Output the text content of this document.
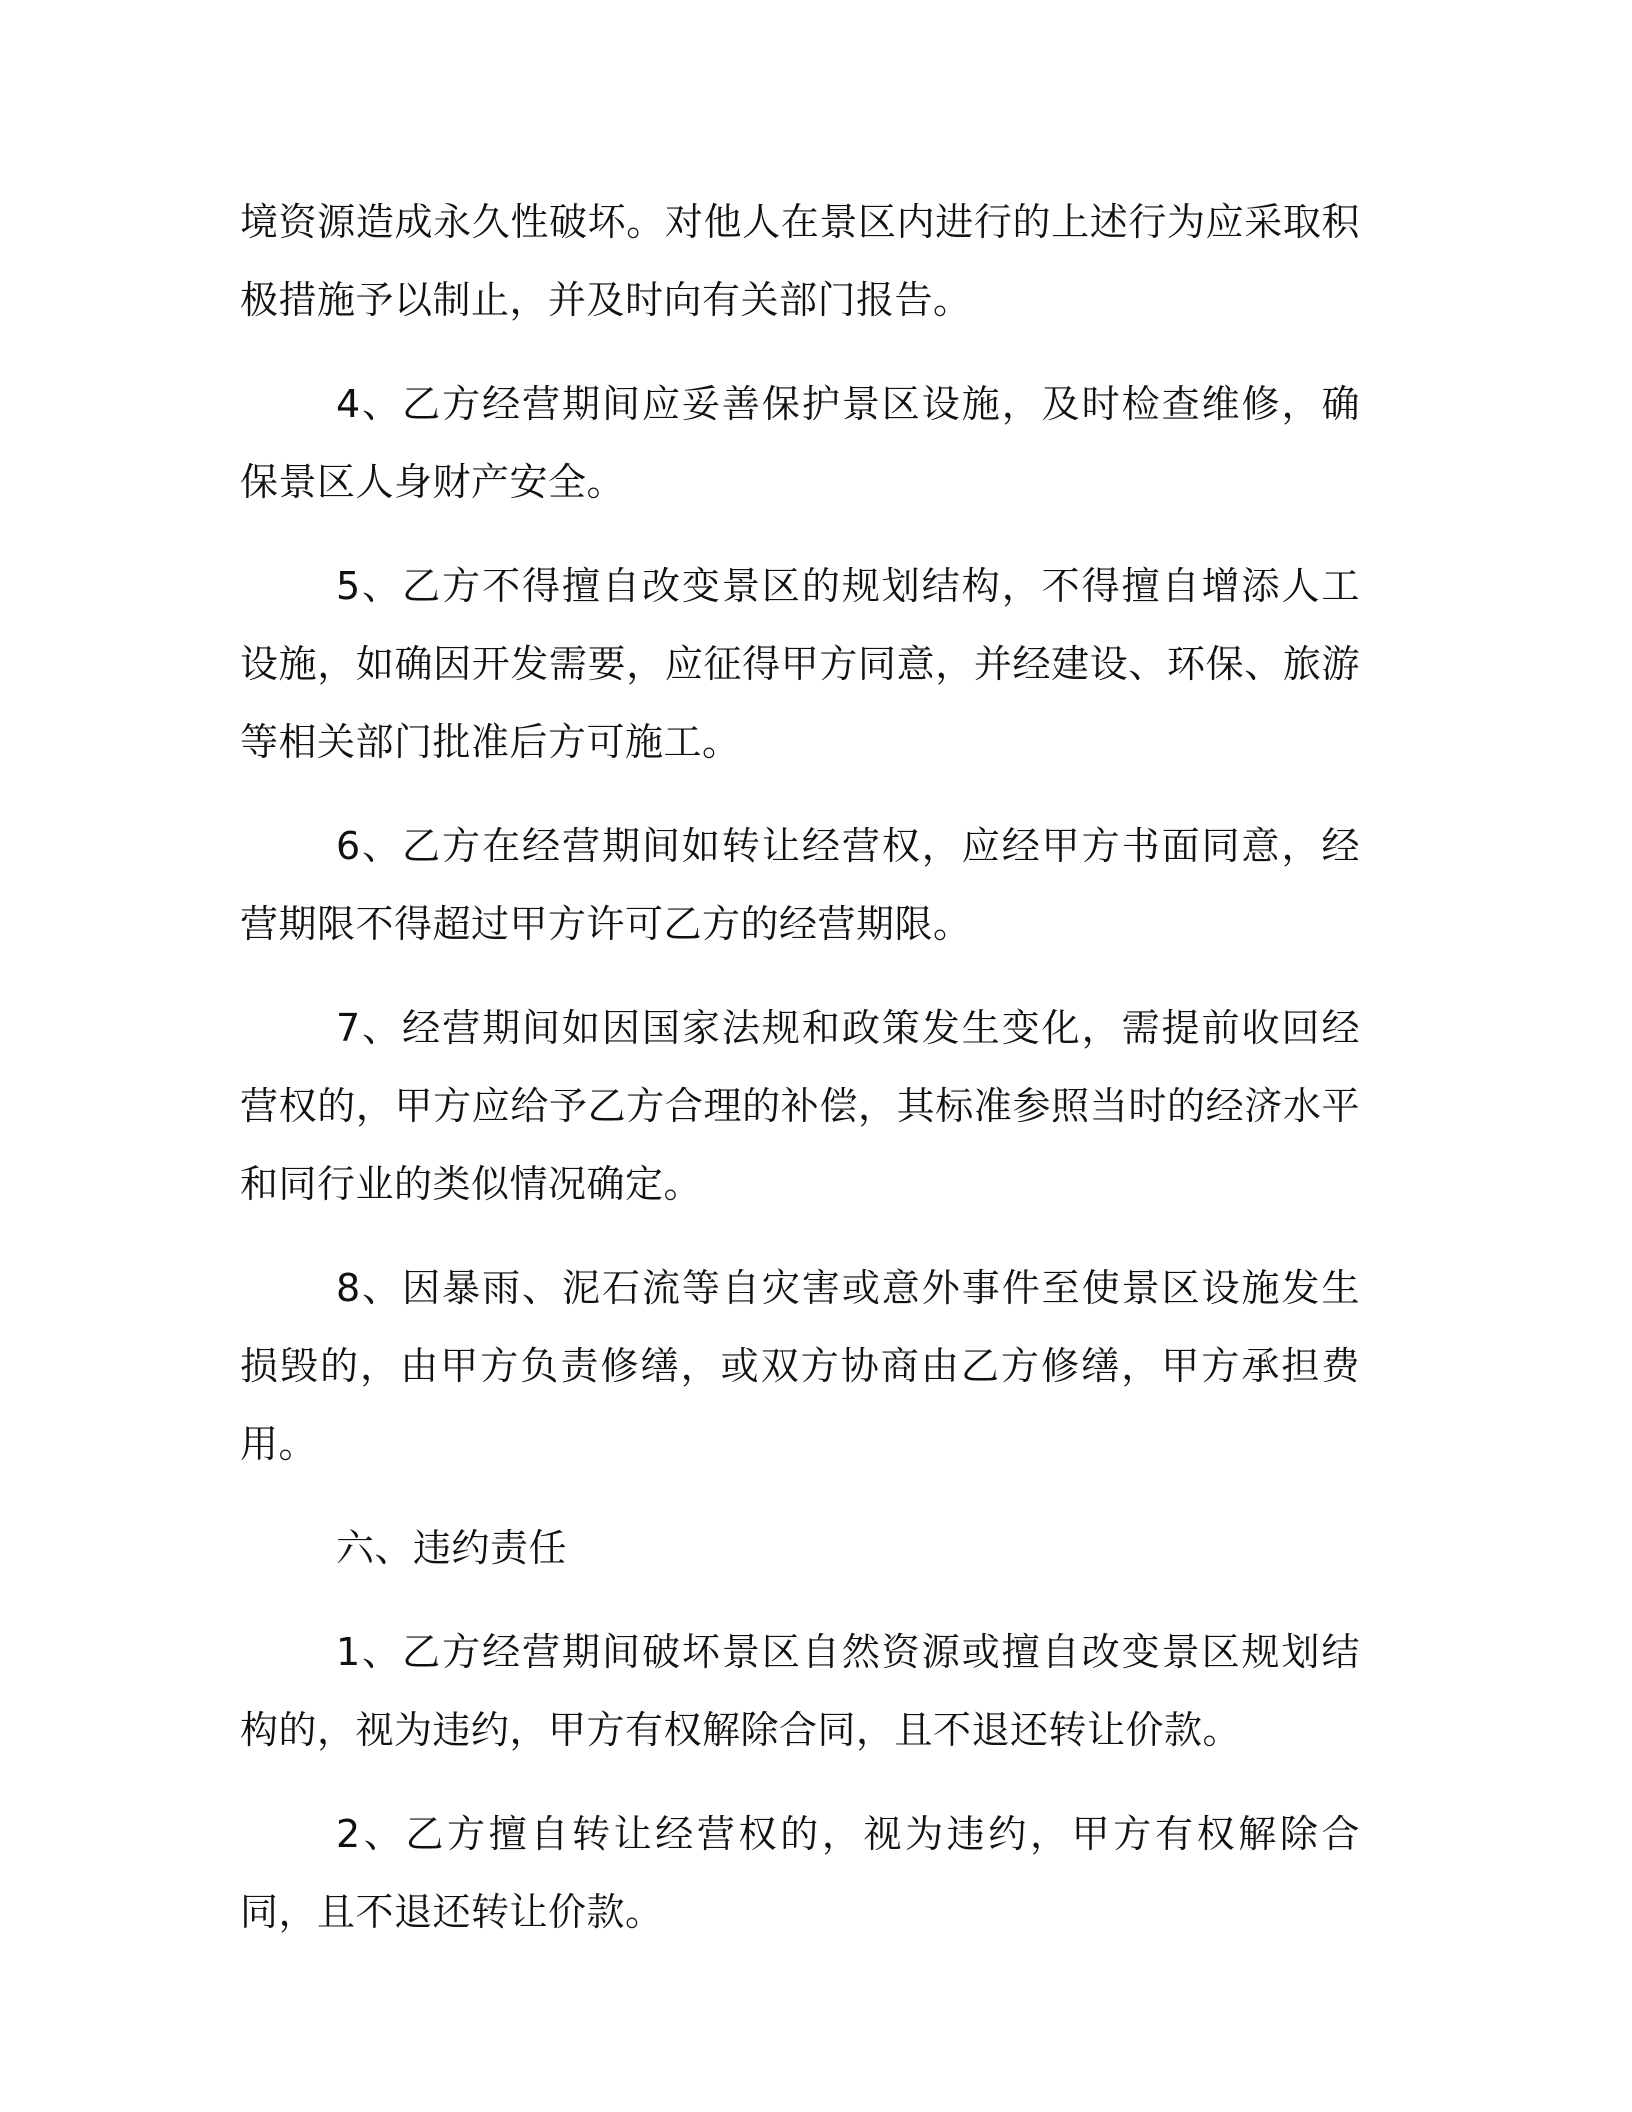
境资源造成永久性破坏。对他人在景区内进行的上述行为应采取积极措施予以制止，并及时向有关部门报告。

4、乙方经营期间应妥善保护景区设施，及时检查维修，确保景区人身财产安全。

5、乙方不得擅自改变景区的规划结构，不得擅自增添人工设施，如确因开发需要，应征得甲方同意，并经建设、环保、旅游等相关部门批准后方可施工。

6、乙方在经营期间如转让经营权，应经甲方书面同意，经营期限不得超过甲方许可乙方的经营期限。

7、经营期间如因国家法规和政策发生变化，需提前收回经营权的，甲方应给予乙方合理的补偿，其标准参照当时的经济水平和同行业的类似情况确定。

8、因暴雨、泥石流等自灾害或意外事件至使景区设施发生损毁的，由甲方负责修缮，或双方协商由乙方修缮，甲方承担费用。

六、违约责任

1、乙方经营期间破坏景区自然资源或擅自改变景区规划结构的，视为违约，甲方有权解除合同，且不退还转让价款。

2、乙方擅自转让经营权的，视为违约，甲方有权解除合同，且不退还转让价款。
